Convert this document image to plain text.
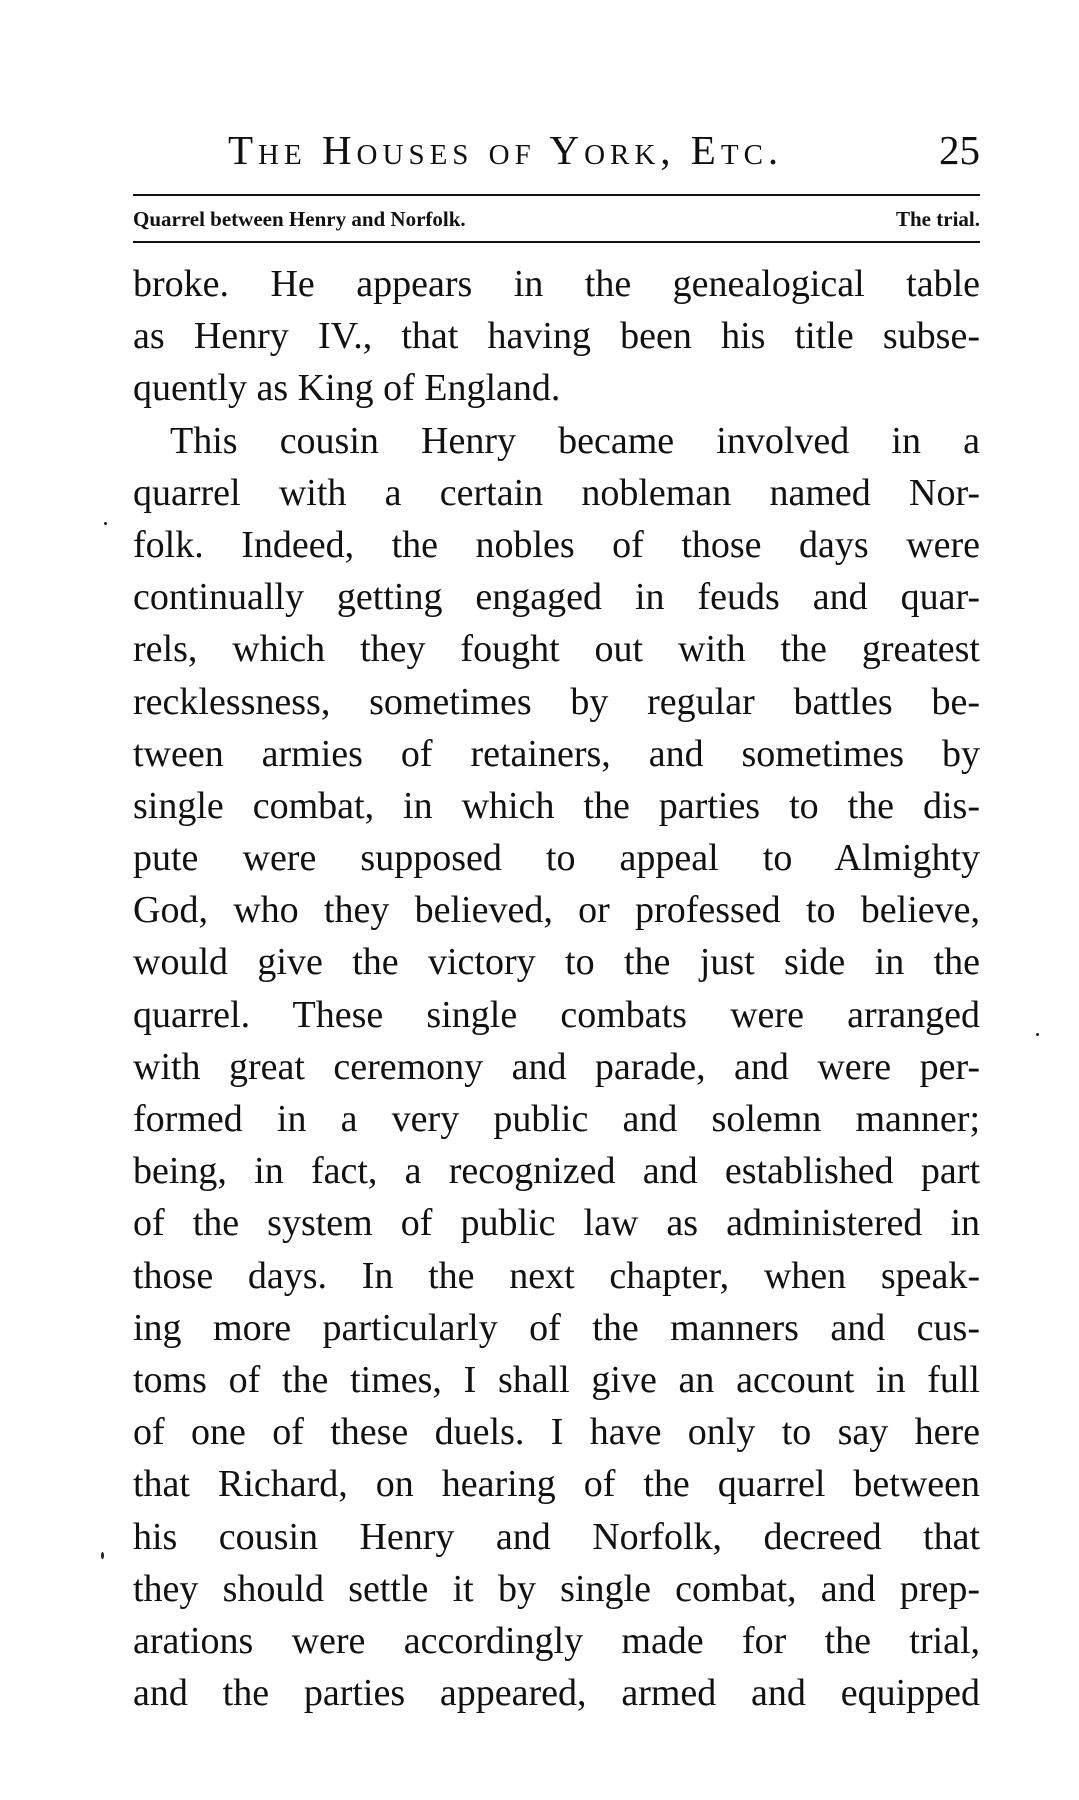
The Houses of York, Etc.	25
Quarrel between Henry and Norfolk.	The trial.
broke. He appears in the genealogical table
as Henry IV., that having been his title subse-
quently as King of England.
This cousin Henry became involved in a
quarrel with a certain nobleman named Nor-
folk. Indeed, the nobles of those days were
continually getting engaged in feuds and quar-
rels, which they fought out with the greatest
recklessness, sometimes by regular battles be-
tween armies of retainers, and sometimes by
single combat, in which the parties to the dis-
pute were supposed to appeal to Almighty
God, who they believed, or professed to believe,
would give the victory to the just side in the
quarrel. These single combats were arranged
with great ceremony and parade, and were per-
formed in a very public and solemn manner;
being, in fact, a recognized and established part
of the system of public law as administered in
those days. In the next chapter, when speak-
ing more particularly of the manners and cus-
toms of the times, I shall give an account in full
of one of these duels. I have only to say here
that Richard, on hearing of the quarrel between
his cousin Henry and Norfolk, decreed that
they should settle it by single combat, and prep-
arations were accordingly made for the trial,
and the parties appeared, armed and equipped
